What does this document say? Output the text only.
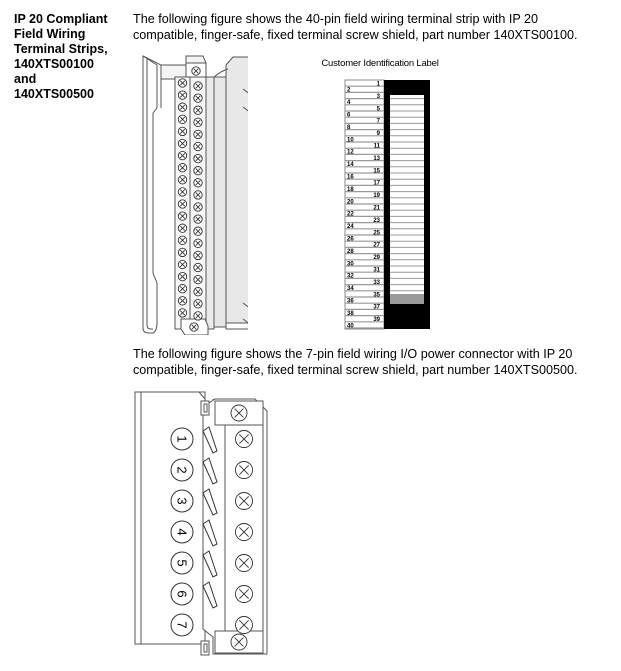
IP 20 Compliant
Field Wiring
Terminal Strips,
140XTS00100
and
140XTS00500
The following figure shows the 40-pin field wiring terminal strip with IP 20
compatible, finger-safe, fixed terminal screw shield, part number 140XTS00100.
Customer Identification Label
1
3
5
7
9
11
13
15
17
19
21
23
25
27
29
31
33
35
37
39
2
4
6
8
10
12
14
16
18
20
22
24
26
28
30
32
34
36
38
40
The following figure shows the 7-pin field wiring I/O power connector with IP 20
compatible, finger-safe, fixed terminal screw shield, part number 140XTS00500.
1
2
3
4
5
6
7
